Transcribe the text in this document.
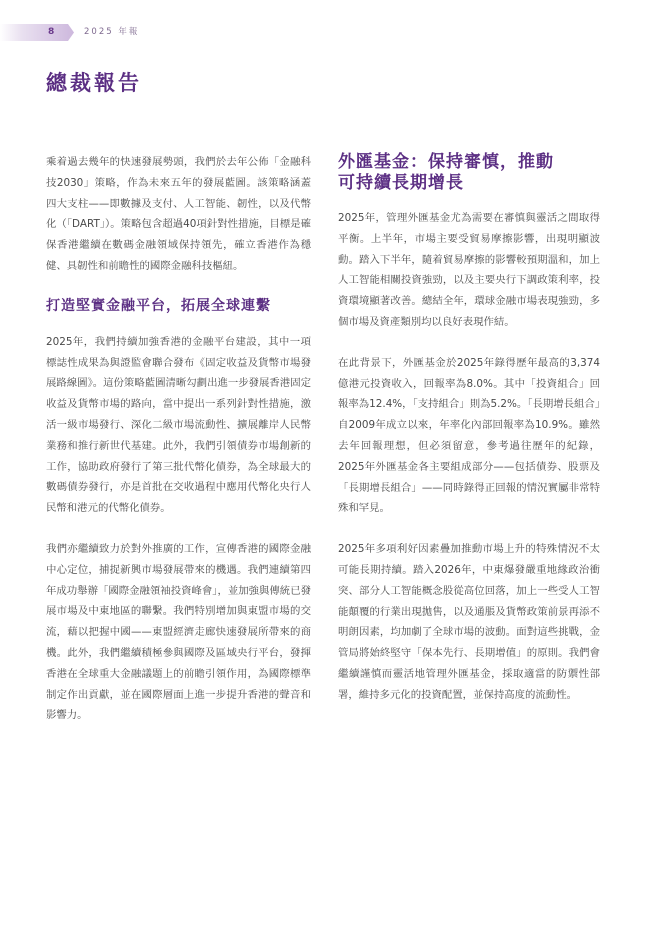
8	2025 年報
總裁報告

乘着過去幾年的快速發展勢頭，我們於去年公佈「金融科技2030」策略，作為未來五年的發展藍圖。該策略涵蓋四大支柱——即數據及支付、人工智能、韌性，以及代幣化（「DART」）。策略包含超過40項針對性措施，目標是確保香港繼續在數碼金融領域保持領先，確立香港作為穩健、具韌性和前瞻性的國際金融科技樞紐。

打造堅實金融平台，拓展全球連繫

2025年，我們持續加強香港的金融平台建設，其中一項標誌性成果為與證監會聯合發布《固定收益及貨幣市場發展路線圖》。這份策略藍圖清晰勾劃出進一步發展香港固定收益及貨幣市場的路向，當中提出一系列針對性措施，激活一級市場發行、深化二級市場流動性、擴展離岸人民幣業務和推行新世代基建。此外，我們引領債券市場創新的工作，協助政府發行了第三批代幣化債券，為全球最大的數碼債券發行，亦是首批在交收過程中應用代幣化央行人民幣和港元的代幣化債券。

我們亦繼續致力於對外推廣的工作，宣傳香港的國際金融中心定位，捕捉新興市場發展帶來的機遇。我們連續第四年成功舉辦「國際金融領袖投資峰會」，並加強與傳統已發展市場及中東地區的聯繫。我們特別增加與東盟市場的交流，藉以把握中國——東盟經濟走廊快速發展所帶來的商機。此外，我們繼續積極參與國際及區域央行平台，發揮香港在全球重大金融議題上的前瞻引領作用，為國際標準制定作出貢獻，並在國際層面上進一步提升香港的聲音和影響力。

外匯基金：保持審慎，推動
可持續長期增長

2025年，管理外匯基金尤為需要在審慎與靈活之間取得平衡。上半年，市場主要受貿易摩擦影響，出現明顯波動。踏入下半年，隨着貿易摩擦的影響較預期溫和，加上人工智能相關投資強勁，以及主要央行下調政策利率，投資環境顯著改善。總結全年，環球金融市場表現強勁，多個市場及資產類別均以良好表現作結。

在此背景下，外匯基金於2025年錄得歷年最高的3,374億港元投資收入，回報率為8.0%。其中「投資組合」回報率為12.4%，「支持組合」則為5.2%。「長期增長組合」自2009年成立以來，年率化內部回報率為10.9%。雖然去年回報理想，但必須留意，參考過往歷年的紀錄，2025年外匯基金各主要組成部分——包括債券、股票及「長期增長組合」——同時錄得正回報的情況實屬非常特殊和罕見。

2025年多項利好因素疊加推動市場上升的特殊情況不太可能長期持續。踏入2026年，中東爆發嚴重地緣政治衝突、部分人工智能概念股從高位回落，加上一些受人工智能顛覆的行業出現拋售，以及通脹及貨幣政策前景再添不明朗因素，均加劇了全球市場的波動。面對這些挑戰，金管局將始終堅守「保本先行、長期增值」的原則。我們會繼續謹慎而靈活地管理外匯基金，採取適當的防禦性部署，維持多元化的投資配置，並保持高度的流動性。
